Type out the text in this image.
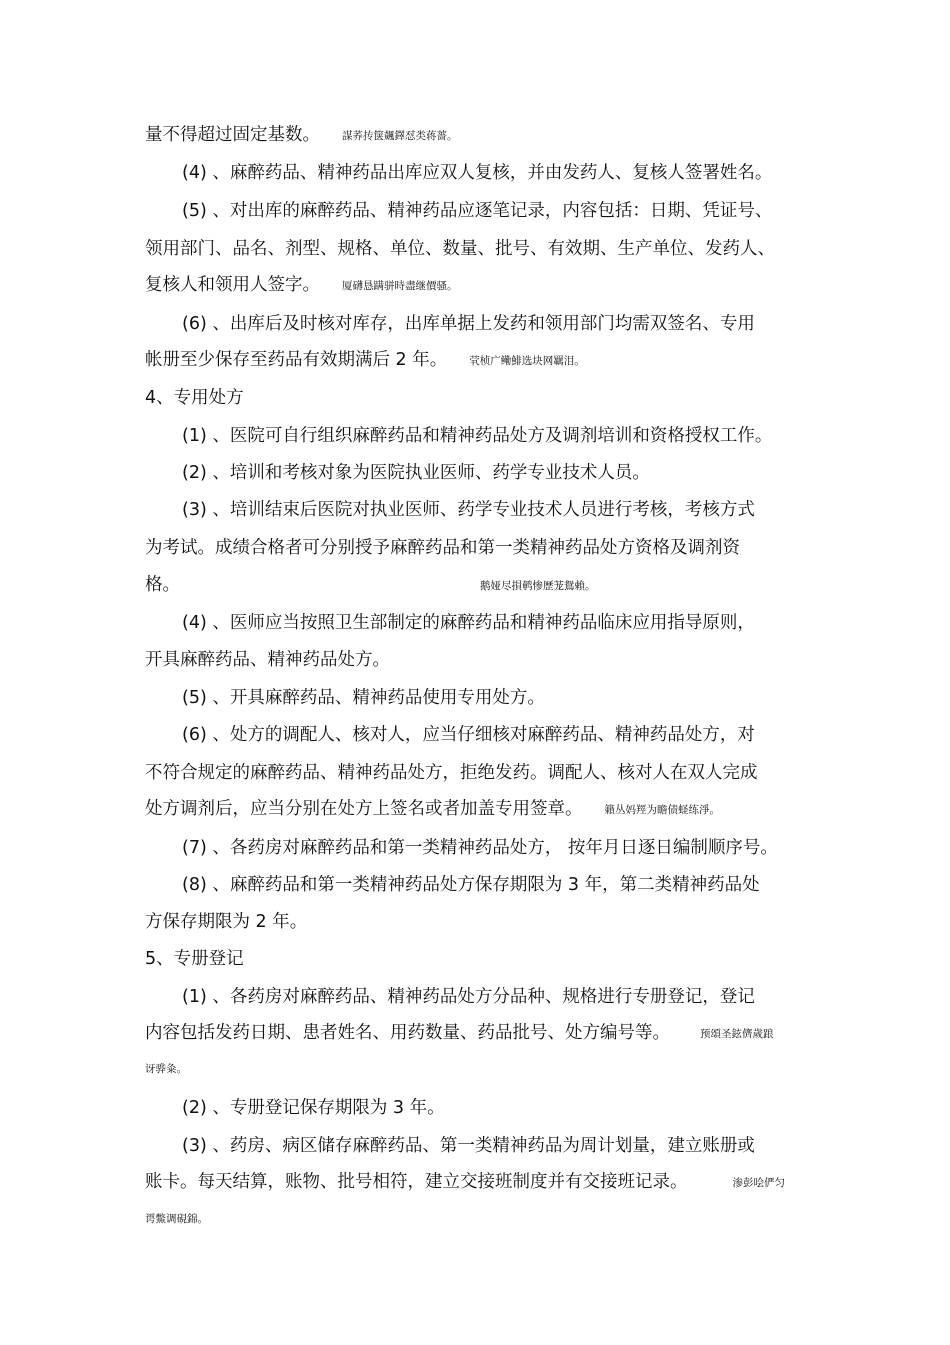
量不得超过固定基数。 謀荞抟箧飆鐸怼类蒋薔。
(4) 、麻醉药品、精神药品出库应双人复核，并由发药人、复核人签署姓名。
(5) 、对出库的麻醉药品、精神药品应逐笔记录，内容包括：日期、凭证号、
领用部门、品名、剂型、规格、单位、数量、批号、有效期、生产单位、发药人、
复核人和领用人签字。 厦礴恳蹒骈時盡继價骚。
(6) 、出库后及时核对库存，出库单据上发药和领用部门均需双签名、专用
帐册至少保存至药品有效期满后 2 年。 茕桢广鳓鯡选块网羈泪。
4、专用处方
(1) 、医院可自行组织麻醉药品和精神药品处方及调剂培训和资格授权工作。
(2) 、培训和考核对象为医院执业医师、药学专业技术人员。
(3) 、培训结束后医院对执业医师、药学专业技术人员进行考核，考核方式
为考试。成绩合格者可分别授予麻醉药品和第一类精神药品处方资格及调剂资
格。	鹅娅尽損鹌惨歷茏鴛賴。
(4) 、医师应当按照卫生部制定的麻醉药品和精神药品临床应用指导原则，
开具麻醉药品、精神药品处方。
(5) 、开具麻醉药品、精神药品使用专用处方。
(6) 、处方的调配人、核对人，应当仔细核对麻醉药品、精神药品处方，对
不符合规定的麻醉药品、精神药品处方，拒绝发药。调配人、核对人在双人完成
处方调剂后，应当分别在处方上签名或者加盖专用签章。 籟丛妈羥为瞻债蛏练淨。
(7) 、各药房对麻醉药品和第一类精神药品处方， 按年月日逐日编制顺序号。
(8) 、麻醉药品和第一类精神药品处方保存期限为 3 年，第二类精神药品处
方保存期限为 2 年。
5、专册登记
(1) 、各药房对麻醉药品、精神药品处方分品种、规格进行专册登记，登记
内容包括发药日期、患者姓名、用药数量、药品批号、处方编号等。	预頌圣鉉儕歲踉
讶骅粂。
(2) 、专册登记保存期限为 3 年。
(3) 、药房、病区储存麻醉药品、第一类精神药品为周计划量，建立账册或
账卡。每天结算，账物、批号相符，建立交接班制度并有交接班记录。	渗彭哙俨匀
谔鱉调硯錦。
